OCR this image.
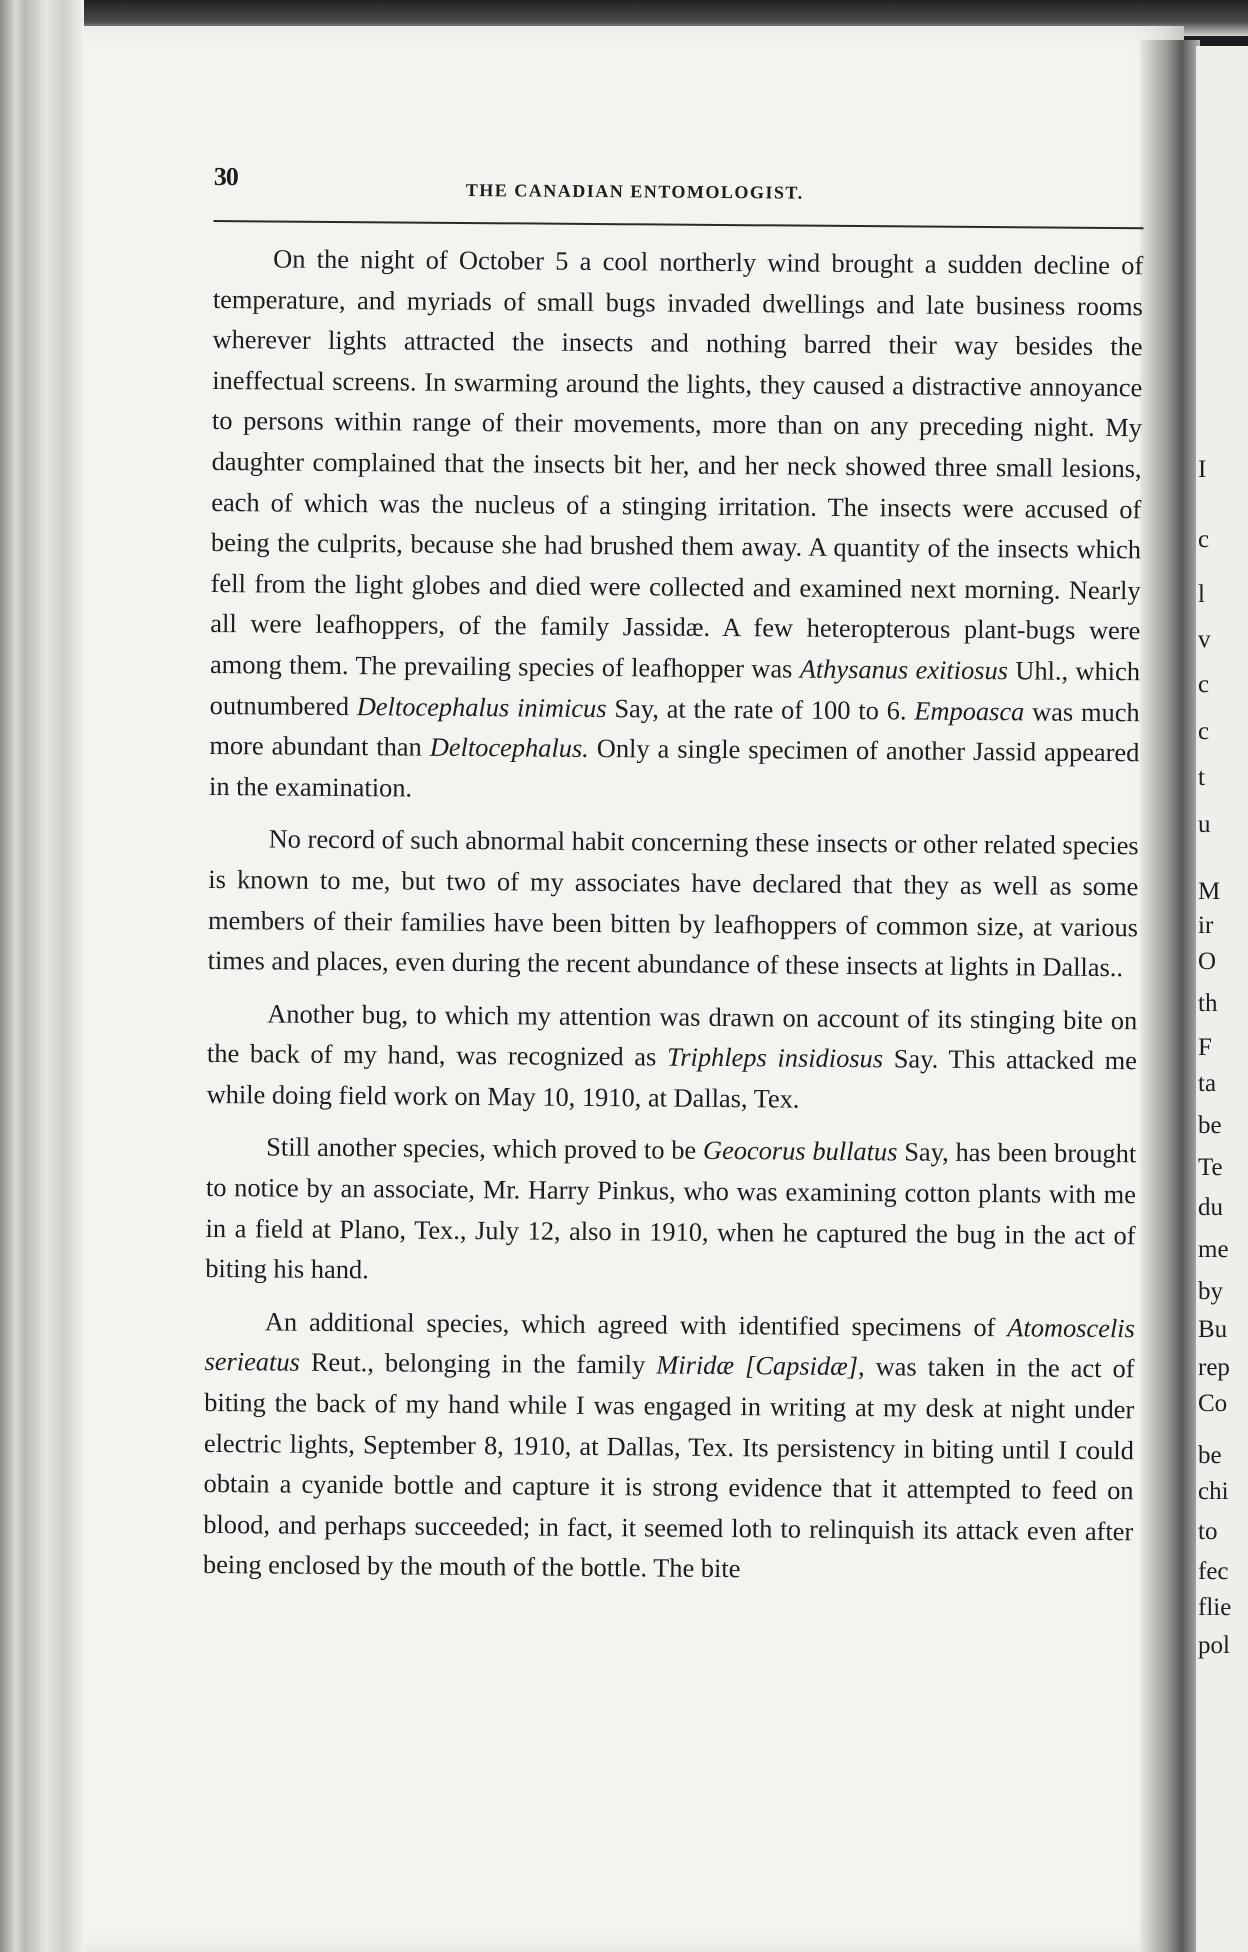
I
c
l
v
c
c
t
u
M
ir
O
th
F
ta
be
Te
du
me
by
Bu
rep
Co
be
chi
to
fec
flie
pol
30
THE CANADIAN ENTOMOLOGIST.

On the night of October 5 a cool northerly wind brought a sudden decline of temperature, and myriads of small bugs invaded dwellings and late business rooms wherever lights attracted the insects and nothing barred their way besides the ineffectual screens. In swarming around the lights, they caused a distractive annoyance to persons within range of their movements, more than on any preceding night. My daughter complained that the insects bit her, and her neck showed three small lesions, each of which was the nucleus of a stinging irritation. The insects were accused of being the culprits, because she had brushed them away. A quantity of the insects which fell from the light globes and died were collected and examined next morning. Nearly all were leafhoppers, of the family Jassidæ. A few heteropterous plant-bugs were among them. The prevailing species of leafhopper was Athysanus exitiosus Uhl., which outnumbered Deltocephalus inimicus Say, at the rate of 100 to 6. Empoasca was much more abundant than Deltocephalus. Only a single specimen of another Jassid appeared in the examination.

No record of such abnormal habit concerning these insects or other related species is known to me, but two of my associates have declared that they as well as some members of their families have been bitten by leafhoppers of common size, at various times and places, even during the recent abundance of these insects at lights in Dallas..

Another bug, to which my attention was drawn on account of its stinging bite on the back of my hand, was recognized as Triphleps insidiosus Say. This attacked me while doing field work on May 10, 1910, at Dallas, Tex.

Still another species, which proved to be Geocorus bullatus Say, has been brought to notice by an associate, Mr. Harry Pinkus, who was examining cotton plants with me in a field at Plano, Tex., July 12, also in 1910, when he captured the bug in the act of biting his hand.

An additional species, which agreed with identified specimens of Atomoscelis serieatus Reut., belonging in the family Miridæ [Capsidæ], was taken in the act of biting the back of my hand while I was engaged in writing at my desk at night under electric lights, September 8, 1910, at Dallas, Tex. Its persistency in biting until I could obtain a cyanide bottle and capture it is strong evidence that it attempted to feed on blood, and perhaps succeeded; in fact, it seemed loth to relinquish its attack even after being enclosed by the mouth of the bottle. The bite
